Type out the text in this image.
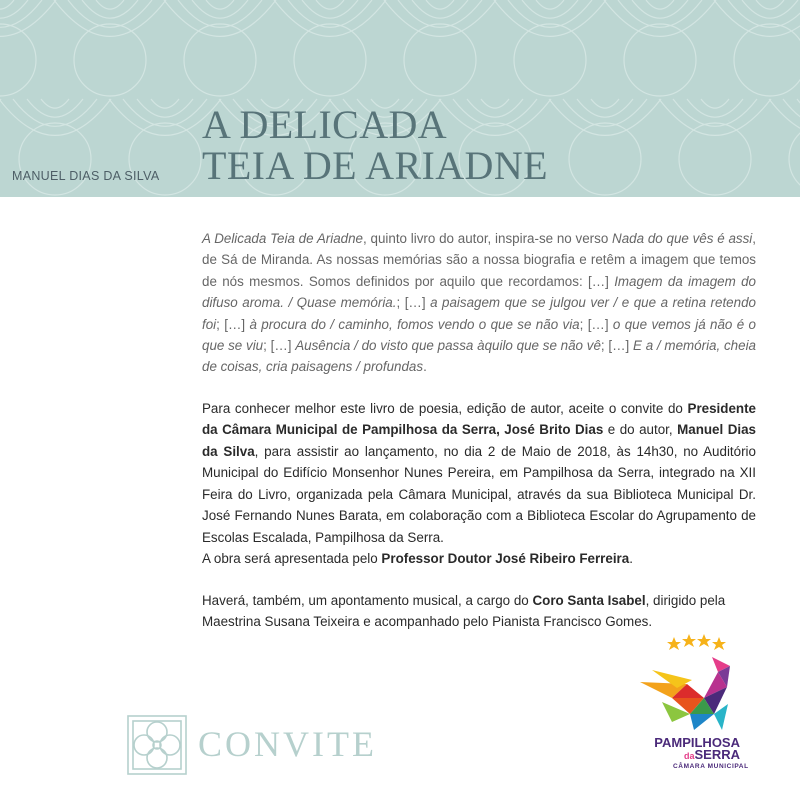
MANUEL DIAS DA SILVA
A DELICADA
TEIA DE ARIADNE

A Delicada Teia de Ariadne, quinto livro do autor, inspira-se no verso Nada do que vês é assi, de Sá de Miranda. As nossas memórias são a nossa biografia e retêm a imagem que temos de nós mesmos. Somos definidos por aquilo que recordamos: […] Imagem da imagem do difuso aroma. / Quase memória.; […] a paisagem que se julgou ver / e que a retina retendo foi; […] à procura do / caminho, fomos vendo o que se não via; […] o que vemos já não é o que se viu; […] Ausência / do visto que passa àquilo que se não vê; […] E a / memória, cheia de coisas, cria paisagens / profundas.

Para conhecer melhor este livro de poesia, edição de autor, aceite o convite do Presidente da Câmara Municipal de Pampilhosa da Serra, José Brito Dias e do autor, Manuel Dias da Silva, para assistir ao lançamento, no dia 2 de Maio de 2018, às 14h30, no Auditório Municipal do Edifício Monsenhor Nunes Pereira, em Pampilhosa da Serra, integrado na XII Feira do Livro, organizada pela Câmara Municipal, através da sua Biblioteca Municipal Dr. José Fernando Nunes Barata, em colaboração com a Biblioteca Escolar do Agrupamento de Escolas Escalada, Pampilhosa da Serra.
A obra será apresentada pelo Professor Doutor José Ribeiro Ferreira.

Haverá, também, um apontamento musical, a cargo do Coro Santa Isabel, dirigido pela Maestrina Susana Teixeira e acompanhado pelo Pianista Francisco Gomes.

CONVITE	PAMPILHOSA
daSERRA
CÂMARA MUNICIPAL
